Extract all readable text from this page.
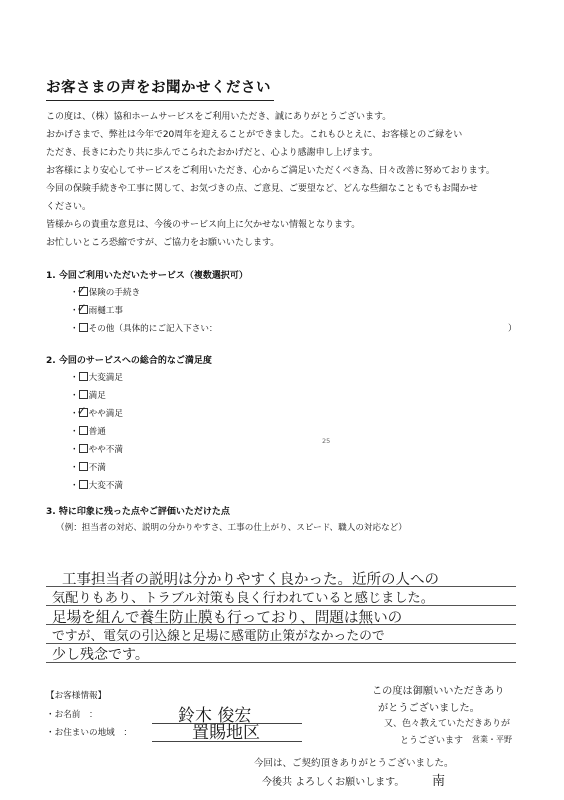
お客さまの声をお聞かせください

この度は、（株）協和ホームサービスをご利用いただき、誠にありがとうございます。

おかげさまで、弊社は今年で20周年を迎えることができました。これもひとえに、お客様とのご縁をい

ただき、長きにわたり共に歩んでこられたおかげだと、心より感謝申し上げます。

お客様により安心してサービスをご利用いただき、心からご満足いただくべき為、日々改善に努めております。

今回の保険手続きや工事に関して、お気づきの点、ご意見、ご要望など、どんな些細なこともでもお聞かせ

ください。

皆様からの貴重な意見は、今後のサービス向上に欠かせない情報となります。

お忙しいところ恐縮ですが、ご協力をお願いいたします。

1. 今回ご利用いただいたサービス（複数選択可）
・
✓ 保険の手続き
・
✓ 雨樋工事
・ その他（具体的にご記入下さい：	）
2. 今回のサービスへの総合的なご満足度
・ 大変満足
・ 満足
・
✓ やや満足
・ 普通
・ やや不満
・ 不満
・ 大変不満
25
3. 特に印象に残った点やご評価いただけた点
（例：担当者の対応、説明の分かりやすさ、工事の仕上がり、スピード、職人の対応など）
工事担当者の説明は分かりやすく良かった。近所の人への
気配りもあり、トラブル対策も良く行われていると感じました。
足場を組んで養生防止膜も行っており、問題は無いの
ですが、電気の引込線と足場に感電防止策がなかったので
少し残念です。
【お客様情報】
・お名前　：	鈴木 俊宏
・お住まいの地域　：	置賜地区
この度は御願いいただきあり
がとうございました。
又、色々教えていただきありが
とうございます 営業・平野
今回は、ご契約頂きありがとうございました。
今後共 よろしくお願いします。 南
